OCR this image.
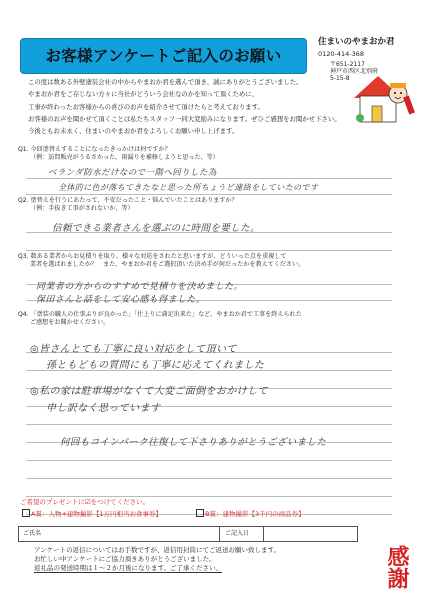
お客様アンケートご記入のお願い
住まいのやまおか君
0120-414-368
〒651-2117
神戸市西区北別府
5-15-8
この度は数ある外壁塗装会社の中からやまおか君を選んで頂き、誠にありがとうございました。
やまおか君をご存じない方々に当社がどういう会社なのかを知って頂くために、
工事が終わったお客様からの喜びのお声を紹介させて頂けたらと考えております。
お客様のお声を聞かせて頂くことは私たちスタッフ一同大変励みになります。ぜひご感想をお聞かせ下さい。
今後ともお末永く、住まいのやまおか君をよろしくお願い申し上げます。
Q1. 今回塗替えすることになったきっかけは何ですか？
（例：訪問販売がうるさかった、雨漏りを補修しようと思った、等）
ベランダ防水だけなので一階へ回りした為
全体的に色が落ちてきたなと思った所ちょうど連絡をしていたのです
Q2. 塗替えを行うにあたって、不安だったこと・悩んでいたことはありますか？
（例：手抜き工事がされないか、等）
信頼できる業者さんを選ぶのに時間を要した。
Q3. 数ある業者からお見積りを取り、様々な対応をされたと思いますが、どういった点を重視して
業者を選ばれましたか？　また、やまおか君をご選択頂いた決め手が何だったかを教えてください。
同業者の方からのすすめで見積りを決めました。
保田さんと話をして安心感も得ました。
Q4. 「塗装の職人の仕事ぶりが良かった」「仕上りに満足出来た」など、やまおか君で工事を終えられた
ご感想をお聞かせください。
◎皆さんとても丁寧に良い対応をして頂いて
孫ともどもの質問にも丁寧に応えてくれました
◎私の家は駐車場がなくて大変ご面倒をおかけして
申し訳なく思っています
何回もコインパーク往復して下さりありがとうございました
ご希望のプレゼントに☑をつけてください。
A賞：人物+建物撮影【1万円相当お食事券】	B賞：建物撮影【3千円の商品券】
ご氏名	ご記入日
アンケートの返信についてはお手数ですが、返信用封筒にてご返送お願い致します。
お忙しい中アンケートにご協力頂きありがとうございました。
返礼品の発送時期は１～２か月後になります。ご了承ください。	感謝
